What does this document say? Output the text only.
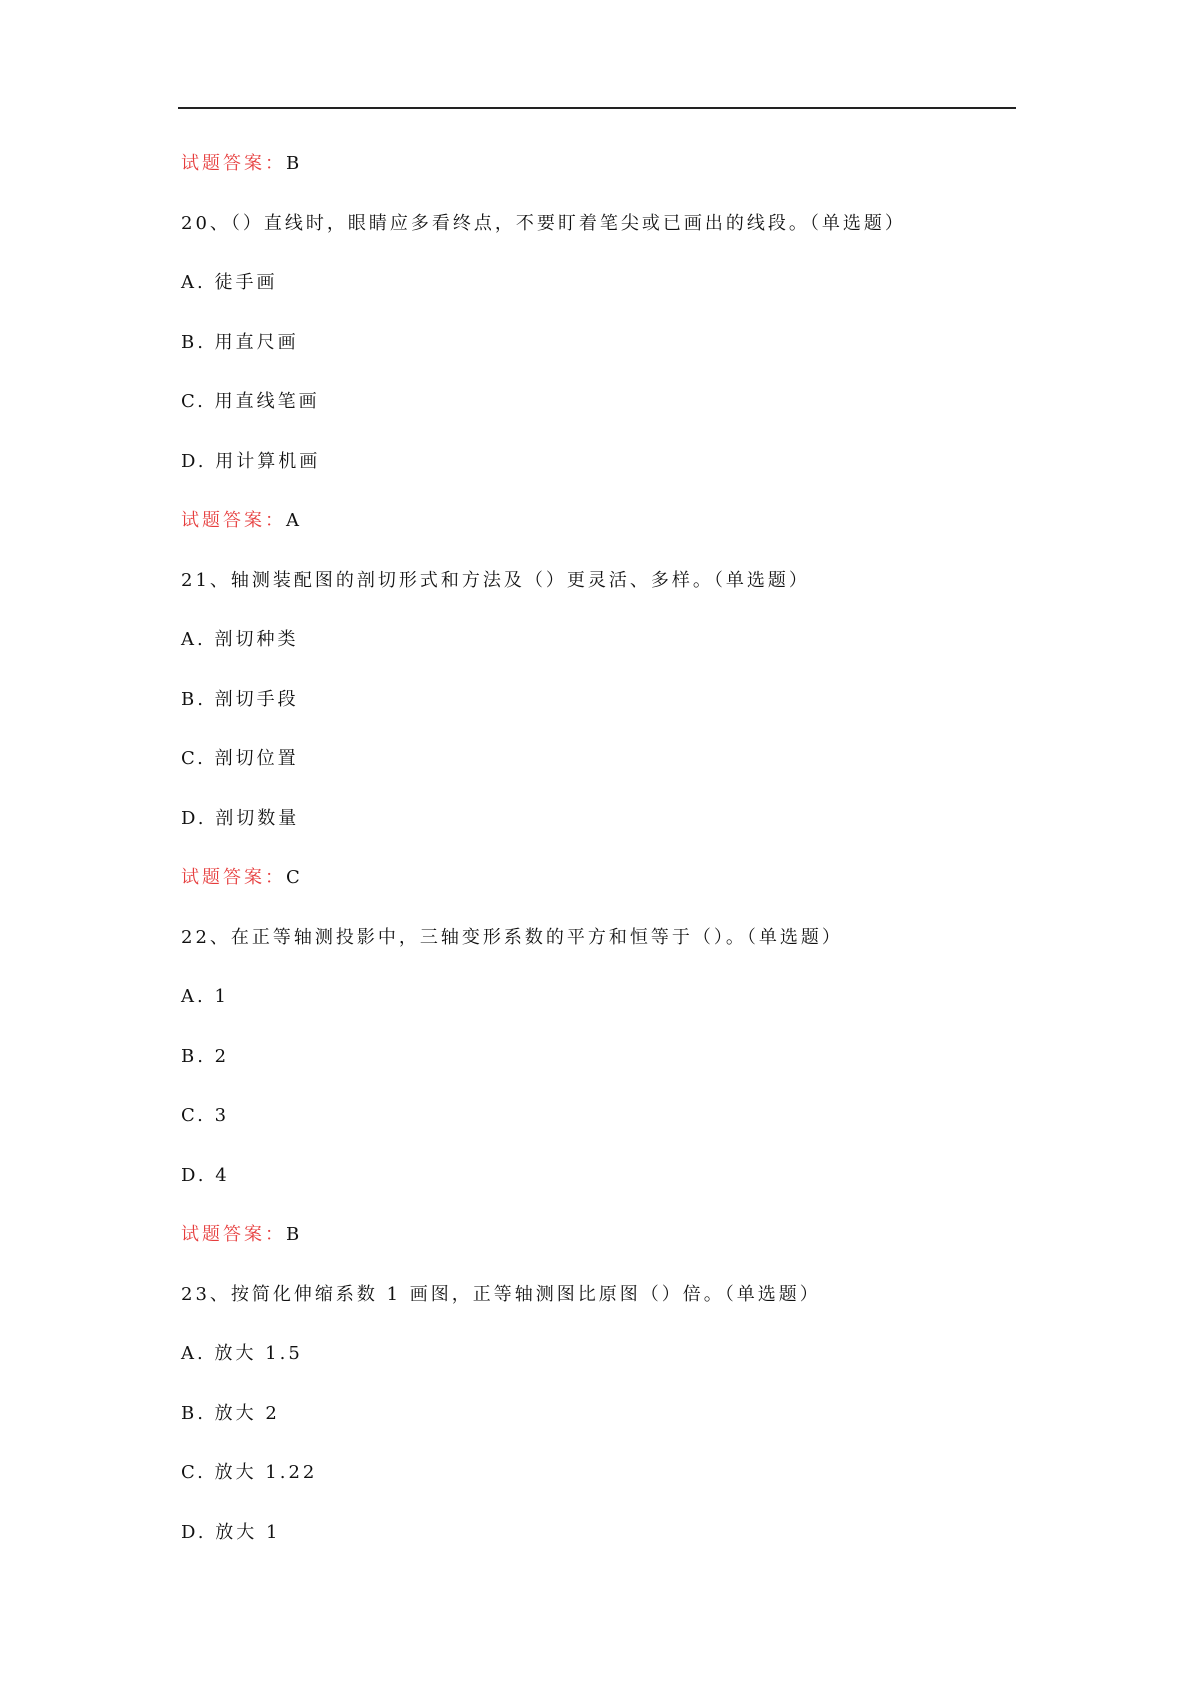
试题答案：B
20、（）直线时，眼睛应多看终点，不要盯着笔尖或已画出的线段。（单选题）
A. 徒手画
B. 用直尺画
C. 用直线笔画
D. 用计算机画
试题答案：A
21、轴测装配图的剖切形式和方法及（）更灵活、多样。（单选题）
A. 剖切种类
B. 剖切手段
C. 剖切位置
D. 剖切数量
试题答案：C
22、在正等轴测投影中，三轴变形系数的平方和恒等于（）。（单选题）
A. 1
B. 2
C. 3
D. 4
试题答案：B
23、按简化伸缩系数 1 画图，正等轴测图比原图（）倍。（单选题）
A. 放大 1.5
B. 放大 2
C. 放大 1.22
D. 放大 1
